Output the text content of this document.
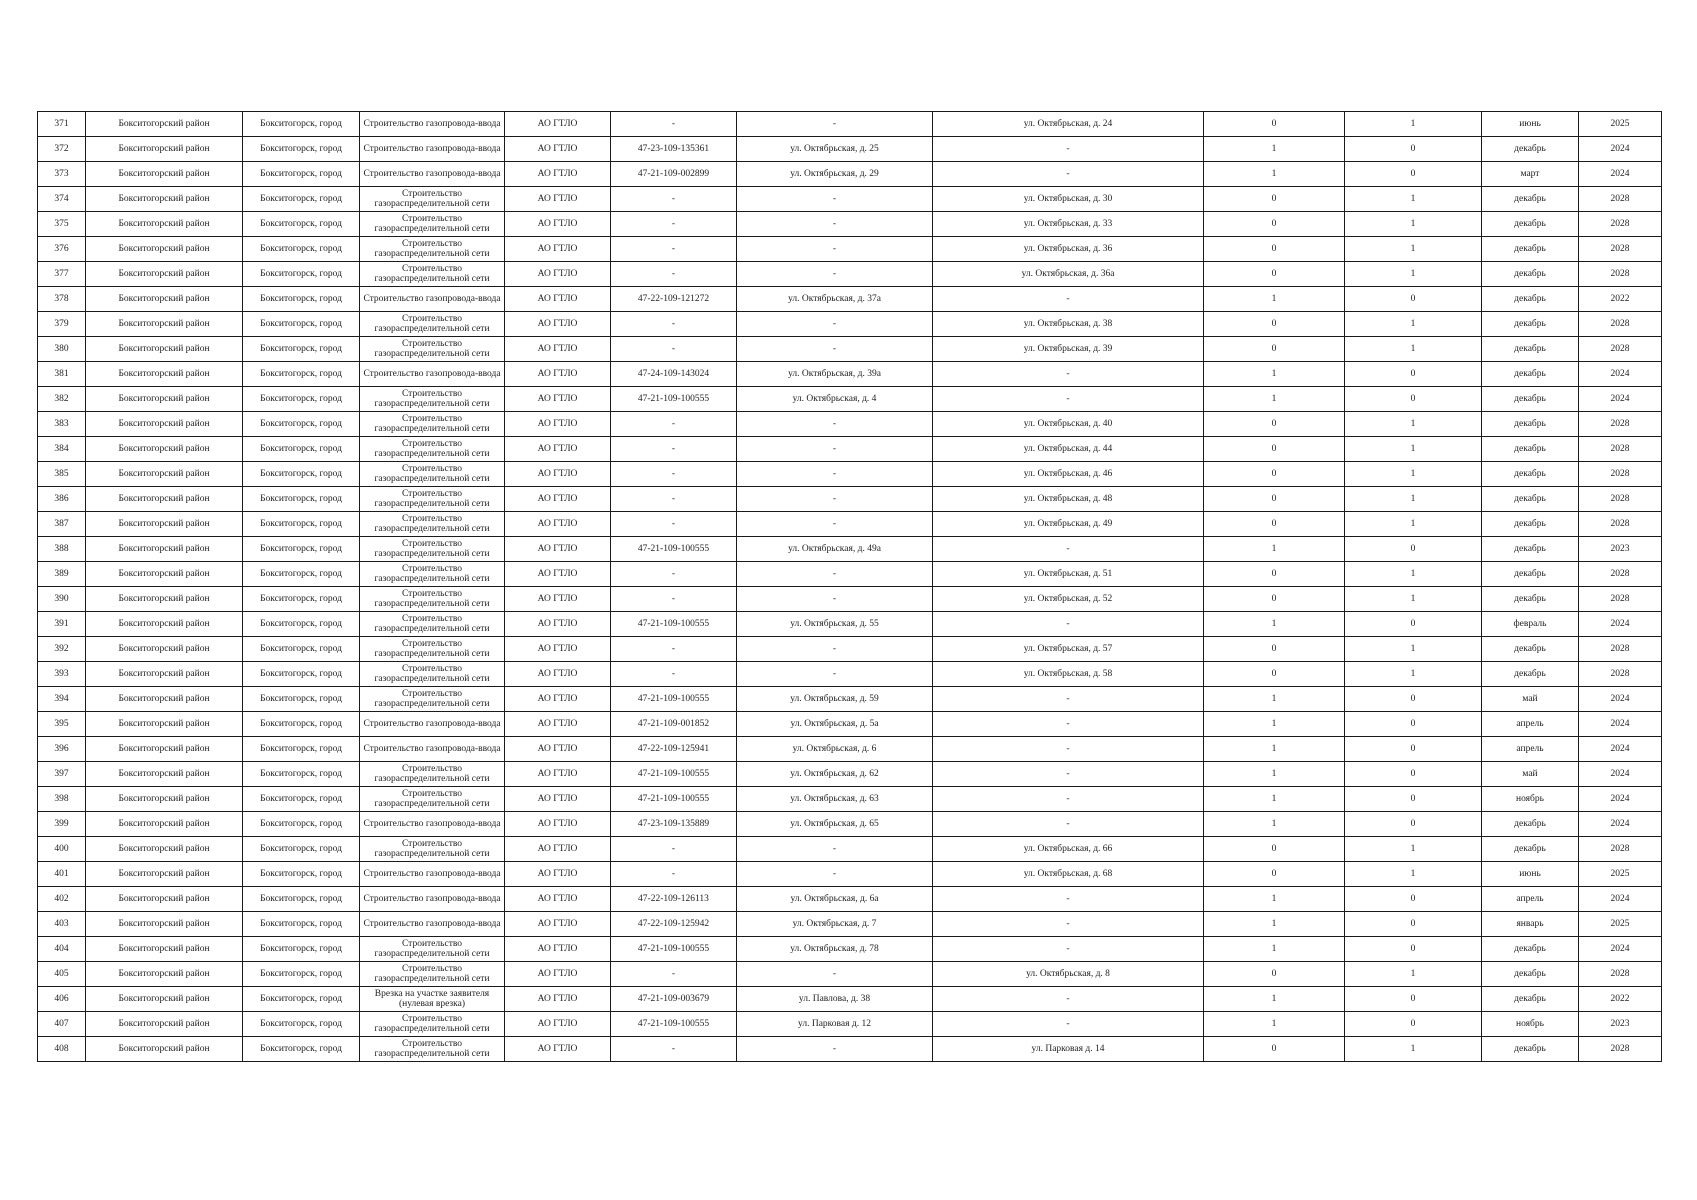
371	Бокситогорский район	Бокситогорск, город	Строительство газопровода-ввода	АО ГТЛО	-	-	ул. Октябрьская, д. 24	0	1	июнь	2025
372	Бокситогорский район	Бокситогорск, город	Строительство газопровода-ввода	АО ГТЛО	47-23-109-135361	ул. Октябрьская, д. 25	-	1	0	декабрь	2024
373	Бокситогорский район	Бокситогорск, город	Строительство газопровода-ввода	АО ГТЛО	47-21-109-002899	ул. Октябрьская, д. 29	-	1	0	март	2024
374	Бокситогорский район	Бокситогорск, город	Строительство газораспределительной сети	АО ГТЛО	-	-	ул. Октябрьская, д. 30	0	1	декабрь	2028
375	Бокситогорский район	Бокситогорск, город	Строительство газораспределительной сети	АО ГТЛО	-	-	ул. Октябрьская, д. 33	0	1	декабрь	2028
376	Бокситогорский район	Бокситогорск, город	Строительство газораспределительной сети	АО ГТЛО	-	-	ул. Октябрьская, д. 36	0	1	декабрь	2028
377	Бокситогорский район	Бокситогорск, город	Строительство газораспределительной сети	АО ГТЛО	-	-	ул. Октябрьская, д. 36а	0	1	декабрь	2028
378	Бокситогорский район	Бокситогорск, город	Строительство газопровода-ввода	АО ГТЛО	47-22-109-121272	ул. Октябрьская, д. 37а	-	1	0	декабрь	2022
379	Бокситогорский район	Бокситогорск, город	Строительство газораспределительной сети	АО ГТЛО	-	-	ул. Октябрьская, д. 38	0	1	декабрь	2028
380	Бокситогорский район	Бокситогорск, город	Строительство газораспределительной сети	АО ГТЛО	-	-	ул. Октябрьская, д. 39	0	1	декабрь	2028
381	Бокситогорский район	Бокситогорск, город	Строительство газопровода-ввода	АО ГТЛО	47-24-109-143024	ул. Октябрьская, д. 39а	-	1	0	декабрь	2024
382	Бокситогорский район	Бокситогорск, город	Строительство газораспределительной сети	АО ГТЛО	47-21-109-100555	ул. Октябрьская, д. 4	-	1	0	декабрь	2024
383	Бокситогорский район	Бокситогорск, город	Строительство газораспределительной сети	АО ГТЛО	-	-	ул. Октябрьская, д. 40	0	1	декабрь	2028
384	Бокситогорский район	Бокситогорск, город	Строительство газораспределительной сети	АО ГТЛО	-	-	ул. Октябрьская, д. 44	0	1	декабрь	2028
385	Бокситогорский район	Бокситогорск, город	Строительство газораспределительной сети	АО ГТЛО	-	-	ул. Октябрьская, д. 46	0	1	декабрь	2028
386	Бокситогорский район	Бокситогорск, город	Строительство газораспределительной сети	АО ГТЛО	-	-	ул. Октябрьская, д. 48	0	1	декабрь	2028
387	Бокситогорский район	Бокситогорск, город	Строительство газораспределительной сети	АО ГТЛО	-	-	ул. Октябрьская, д. 49	0	1	декабрь	2028
388	Бокситогорский район	Бокситогорск, город	Строительство газораспределительной сети	АО ГТЛО	47-21-109-100555	ул. Октябрьская, д. 49а	-	1	0	декабрь	2023
389	Бокситогорский район	Бокситогорск, город	Строительство газораспределительной сети	АО ГТЛО	-	-	ул. Октябрьская, д. 51	0	1	декабрь	2028
390	Бокситогорский район	Бокситогорск, город	Строительство газораспределительной сети	АО ГТЛО	-	-	ул. Октябрьская, д. 52	0	1	декабрь	2028
391	Бокситогорский район	Бокситогорск, город	Строительство газораспределительной сети	АО ГТЛО	47-21-109-100555	ул. Октябрьская, д. 55	-	1	0	февраль	2024
392	Бокситогорский район	Бокситогорск, город	Строительство газораспределительной сети	АО ГТЛО	-	-	ул. Октябрьская, д. 57	0	1	декабрь	2028
393	Бокситогорский район	Бокситогорск, город	Строительство газораспределительной сети	АО ГТЛО	-	-	ул. Октябрьская, д. 58	0	1	декабрь	2028
394	Бокситогорский район	Бокситогорск, город	Строительство газораспределительной сети	АО ГТЛО	47-21-109-100555	ул. Октябрьская, д. 59	-	1	0	май	2024
395	Бокситогорский район	Бокситогорск, город	Строительство газопровода-ввода	АО ГТЛО	47-21-109-001852	ул. Октябрьская, д. 5а	-	1	0	апрель	2024
396	Бокситогорский район	Бокситогорск, город	Строительство газопровода-ввода	АО ГТЛО	47-22-109-125941	ул. Октябрьская, д. 6	-	1	0	апрель	2024
397	Бокситогорский район	Бокситогорск, город	Строительство газораспределительной сети	АО ГТЛО	47-21-109-100555	ул. Октябрьская, д. 62	-	1	0	май	2024
398	Бокситогорский район	Бокситогорск, город	Строительство газораспределительной сети	АО ГТЛО	47-21-109-100555	ул. Октябрьская, д. 63	-	1	0	ноябрь	2024
399	Бокситогорский район	Бокситогорск, город	Строительство газопровода-ввода	АО ГТЛО	47-23-109-135889	ул. Октябрьская, д. 65	-	1	0	декабрь	2024
400	Бокситогорский район	Бокситогорск, город	Строительство газораспределительной сети	АО ГТЛО	-	-	ул. Октябрьская, д. 66	0	1	декабрь	2028
401	Бокситогорский район	Бокситогорск, город	Строительство газопровода-ввода	АО ГТЛО	-	-	ул. Октябрьская, д. 68	0	1	июнь	2025
402	Бокситогорский район	Бокситогорск, город	Строительство газопровода-ввода	АО ГТЛО	47-22-109-126113	ул. Октябрьская, д. 6а	-	1	0	апрель	2024
403	Бокситогорский район	Бокситогорск, город	Строительство газопровода-ввода	АО ГТЛО	47-22-109-125942	ул. Октябрьская, д. 7	-	1	0	январь	2025
404	Бокситогорский район	Бокситогорск, город	Строительство газораспределительной сети	АО ГТЛО	47-21-109-100555	ул. Октябрьская, д. 78	-	1	0	декабрь	2024
405	Бокситогорский район	Бокситогорск, город	Строительство газораспределительной сети	АО ГТЛО	-	-	ул. Октябрьская, д. 8	0	1	декабрь	2028
406	Бокситогорский район	Бокситогорск, город	Врезка на участке заявителя (нулевая врезка)	АО ГТЛО	47-21-109-003679	ул. Павлова, д. 38	-	1	0	декабрь	2022
407	Бокситогорский район	Бокситогорск, город	Строительство газораспределительной сети	АО ГТЛО	47-21-109-100555	ул. Парковая д. 12	-	1	0	ноябрь	2023
408	Бокситогорский район	Бокситогорск, город	Строительство газораспределительной сети	АО ГТЛО	-	-	ул. Парковая д. 14	0	1	декабрь	2028
